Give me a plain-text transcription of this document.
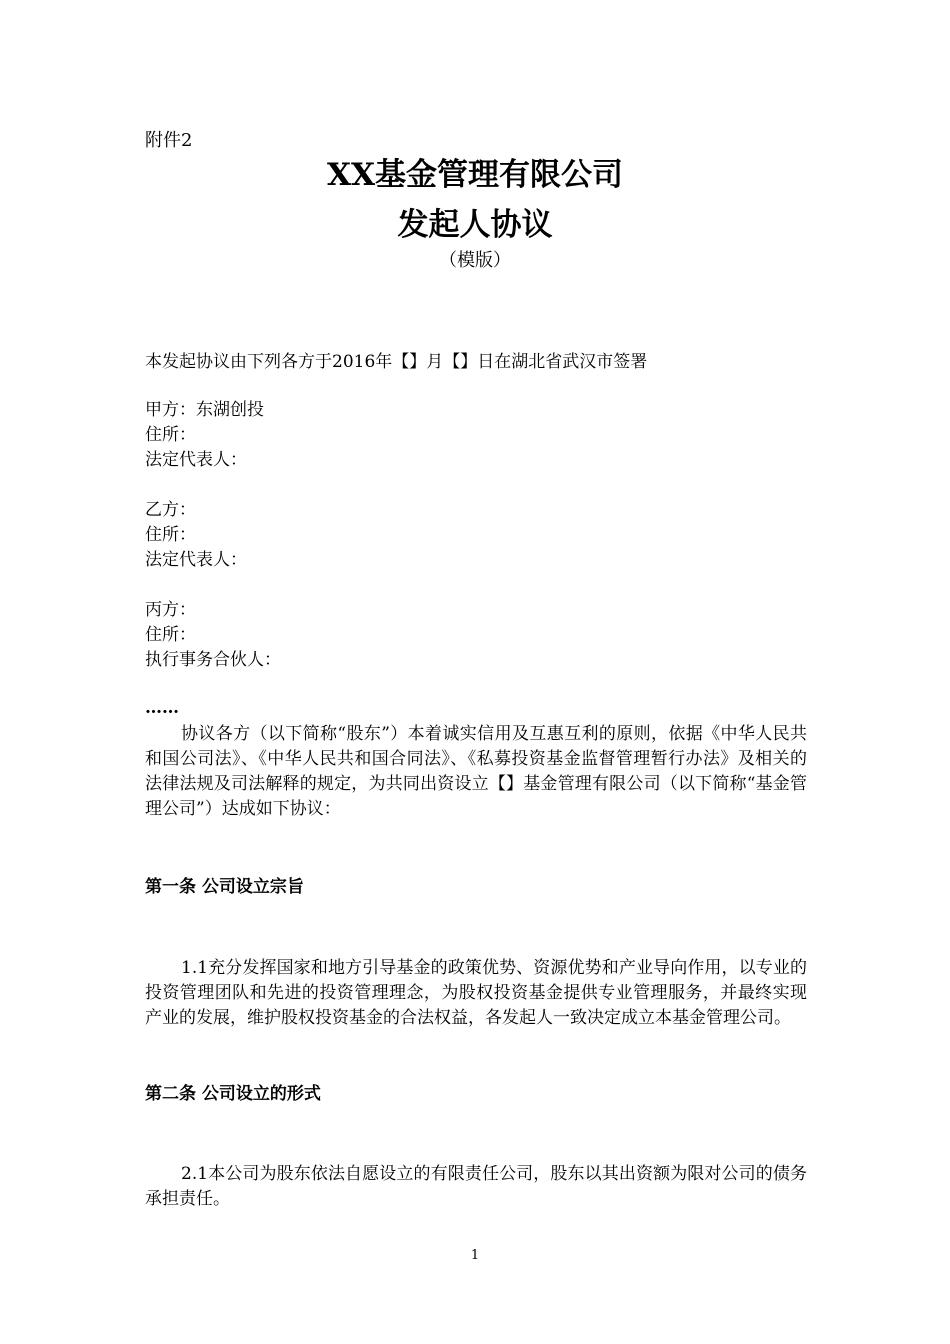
附件2
XX基金管理有限公司
发起人协议
（模版）
本发起协议由下列各方于2016年【】月【】日在湖北省武汉市签署
甲方：东湖创投
住所：
法定代表人：
乙方：
住所：
法定代表人：
丙方：
住所：
执行事务合伙人：
……
协议各方（以下简称“股东”）本着诚实信用及互惠互利的原则，依据《中华人民共和国公司法》、《中华人民共和国合同法》、《私募投资基金监督管理暂行办法》及相关的法律法规及司法解释的规定，为共同出资设立【】基金管理有限公司（以下简称“基金管理公司”）达成如下协议：
第一条 公司设立宗旨
1.1充分发挥国家和地方引导基金的政策优势、资源优势和产业导向作用，以专业的投资管理团队和先进的投资管理理念，为股权投资基金提供专业管理服务，并最终实现产业的发展，维护股权投资基金的合法权益，各发起人一致决定成立本基金管理公司。
第二条 公司设立的形式
2.1本公司为股东依法自愿设立的有限责任公司，股东以其出资额为限对公司的债务承担责任。
1
